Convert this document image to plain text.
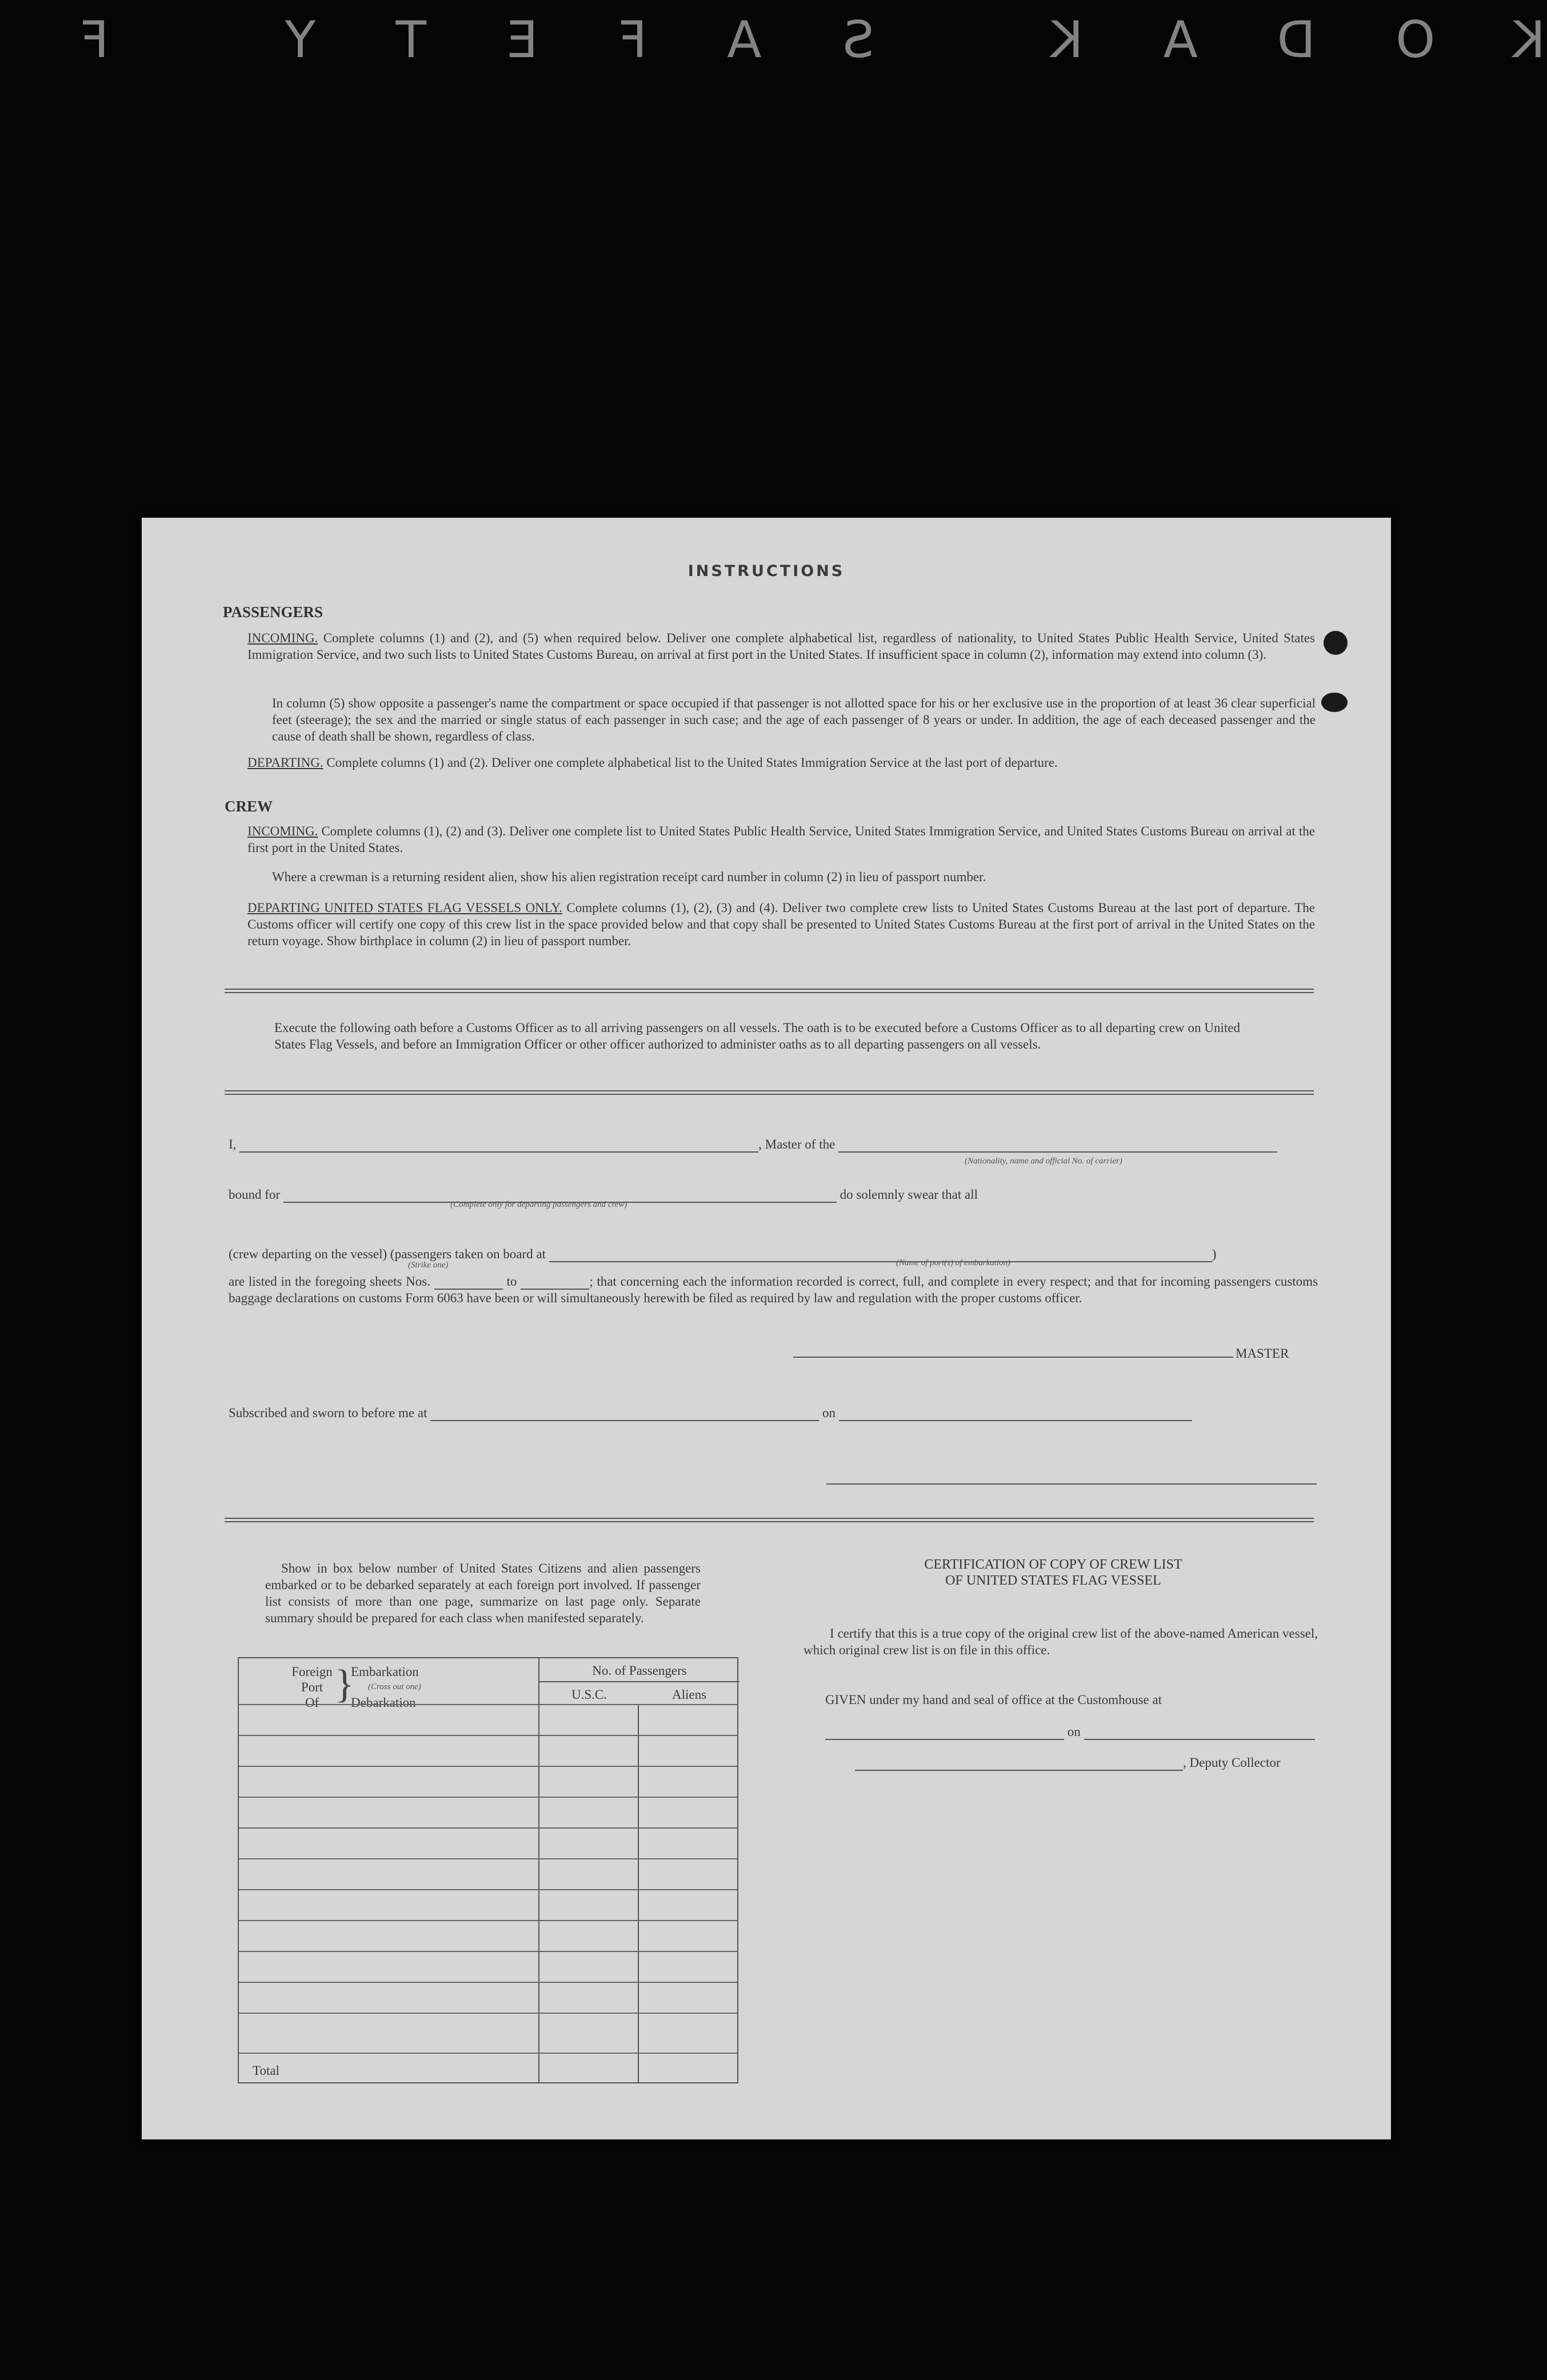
KODAK SAFETY F
INSTRUCTIONS
PASSENGERS
INCOMING. Complete columns (1) and (2), and (5) when required below. Deliver one complete alphabetical list, regardless of nationality, to United States Public Health Service, United States Immigration Service, and two such lists to United States Customs Bureau, on arrival at first port in the United States. If insufficient space in column (2), information may extend into column (3).
In column (5) show opposite a passenger's name the compartment or space occupied if that passenger is not allotted space for his or her exclusive use in the proportion of at least 36 clear superficial feet (steerage); the sex and the married or single status of each passenger in such case; and the age of each passenger of 8 years or under. In addition, the age of each deceased passenger and the cause of death shall be shown, regardless of class.
DEPARTING. Complete columns (1) and (2). Deliver one complete alphabetical list to the United States Immigration Service at the last port of departure.
CREW
INCOMING. Complete columns (1), (2) and (3). Deliver one complete list to United States Public Health Service, United States Immigration Service, and United States Customs Bureau on arrival at the first port in the United States.
Where a crewman is a returning resident alien, show his alien registration receipt card number in column (2) in lieu of passport number.
DEPARTING UNITED STATES FLAG VESSELS ONLY. Complete columns (1), (2), (3) and (4). Deliver two complete crew lists to United States Customs Bureau at the last port of departure. The Customs officer will certify one copy of this crew list in the space provided below and that copy shall be presented to United States Customs Bureau at the first port of arrival in the United States on the return voyage. Show birthplace in column (2) in lieu of passport number.
Execute the following oath before a Customs Officer as to all arriving passengers on all vessels. The oath is to be executed before a Customs Officer as to all departing crew on United States Flag Vessels, and before an Immigration Officer or other officer authorized to administer oaths as to all departing passengers on all vessels.
I,	, Master of the
(Nationality, name and official No. of carrier)
bound for	do solemnly swear that all
(Complete only for departing passengers and crew)
(crew departing on the vessel) (passengers taken on board at	)
(Strike one)	(Name of port(s) of embarkation)
are listed in the foregoing sheets Nos.	to	; that concerning each the information recorded is correct, full, and complete in every respect; and that for incoming passengers customs baggage declarations on customs Form 6063 have been or will simultaneously herewith be filed as required by law and regulation with the proper customs officer.
MASTER
Subscribed and sworn to before me at	on
Show in box below number of United States Citizens and alien passengers embarked or to be debarked separately at each foreign port involved. If passenger list consists of more than one page, summarize on last page only. Separate summary should be prepared for each class when manifested separately.
Foreign
Port
Of }
Embarkation
(Cross out one)
Debarkation
No. of Passengers
U.S.C.	Aliens
Total
CERTIFICATION OF COPY OF CREW LIST
OF UNITED STATES FLAG VESSEL
I certify that this is a true copy of the original crew list of the above-named American vessel, which original crew list is on file in this office.
GIVEN under my hand and seal of office at the Customhouse at
on
, Deputy Collector
